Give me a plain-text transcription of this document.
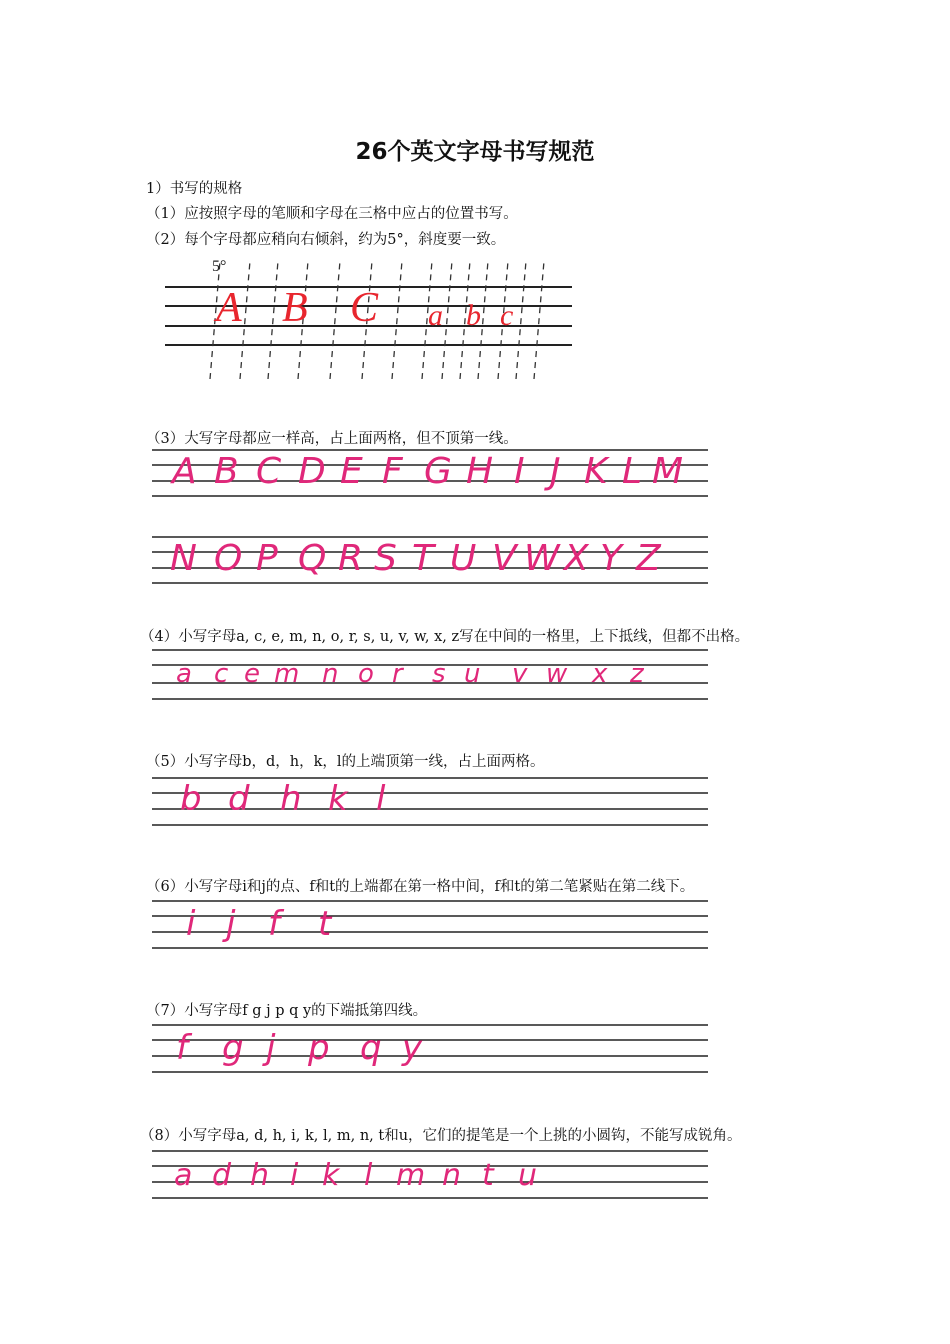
26个英文字母书写规范
1）书写的规格
（1）应按照字母的笔顺和字母在三格中应占的位置书写。
（2）每个字母都应稍向右倾斜，约为5°，斜度要一致。
5°
A B C a b c
（3）大写字母都应一样高，占上面两格，但不顶第一线。
A B C D E F G H I J K L M
N O P Q R S T U V W X Y Z
（4）小写字母a, c, e, m, n, o, r, s, u, v, w, x, z写在中间的一格里，上下抵线，但都不出格。
a c e m n o r s u v w x z
（5）小写字母b，d，h，k，l的上端顶第一线，占上面两格。
b d h k l
（6）小写字母i和j的点、f和t的上端都在第一格中间，f和t的第二笔紧贴在第二线下。
i j f t
（7）小写字母f g j p q y的下端抵第四线。
f g j p q y
（8）小写字母a, d, h, i, k, l, m, n, t和u，它们的提笔是一个上挑的小圆钩，不能写成锐角。
a d h i k l m n t u
